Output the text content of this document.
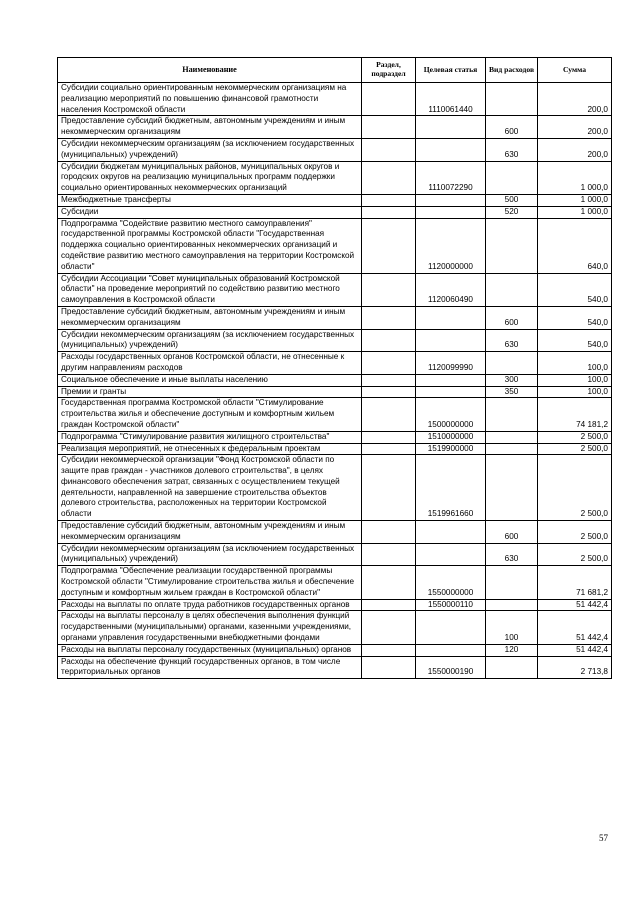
Наименование	Раздел, подраздел	Целевая статья	Вид расходов	Сумма
Субсидии социально ориентированным некоммерческим организациям на реализацию мероприятий по повышению финансовой грамотности населения Костромской области		1110061440		200,0
Предоставление субсидий бюджетным, автономным учреждениям и иным некоммерческим организациям			600	200,0
Субсидии некоммерческим организациям (за исключением государственных (муниципальных) учреждений)			630	200,0
Субсидии бюджетам муниципальных районов, муниципальных округов и городских округов на реализацию муниципальных программ поддержки социально ориентированных некоммерческих организаций		1110072290		1 000,0
Межбюджетные трансферты			500	1 000,0
Субсидии			520	1 000,0
Подпрограмма "Содействие развитию местного самоуправления" государственной программы Костромской области "Государственная поддержка социально ориентированных некоммерческих организаций и содействие развитию местного самоуправления на территории Костромской области"		1120000000		640,0
Субсидии Ассоциации "Совет муниципальных образований Костромской области" на проведение мероприятий по содействию развитию местного самоуправления в Костромской области		1120060490		540,0
Предоставление субсидий бюджетным, автономным учреждениям и иным некоммерческим организациям			600	540,0
Субсидии некоммерческим организациям (за исключением государственных (муниципальных) учреждений)			630	540,0
Расходы государственных органов Костромской области, не отнесенные к другим направлениям расходов		1120099990		100,0
Социальное обеспечение и иные выплаты населению			300	100,0
Премии и гранты			350	100,0
Государственная программа Костромской области "Стимулирование строительства жилья и обеспечение доступным и комфортным жильем граждан Костромской области"		1500000000		74 181,2
Подпрограмма "Стимулирование развития жилищного строительства"		1510000000		2 500,0
Реализация мероприятий, не отнесенных к федеральным проектам		1519900000		2 500,0
Субсидии некоммерческой организации "Фонд Костромской области по защите прав граждан - участников долевого строительства", в целях финансового обеспечения затрат, связанных с осуществлением текущей деятельности, направленной на завершение строительства объектов долевого строительства, расположенных на территории Костромской области		1519961660		2 500,0
Предоставление субсидий бюджетным, автономным учреждениям и иным некоммерческим организациям			600	2 500,0
Субсидии некоммерческим организациям (за исключением государственных (муниципальных) учреждений)			630	2 500,0
Подпрограмма "Обеспечение реализации государственной программы Костромской области "Стимулирование строительства жилья и обеспечение доступным и комфортным жильем граждан в Костромской области"		1550000000		71 681,2
Расходы на выплаты по оплате труда работников государственных органов		1550000110		51 442,4
Расходы на выплаты персоналу в целях обеспечения выполнения функций государственными (муниципальными) органами, казенными учреждениями, органами управления государственными внебюджетными фондами			100	51 442,4
Расходы на выплаты персоналу государственных (муниципальных) органов			120	51 442,4
Расходы на обеспечение функций государственных органов, в том числе территориальных органов		1550000190		2 713,8
57
